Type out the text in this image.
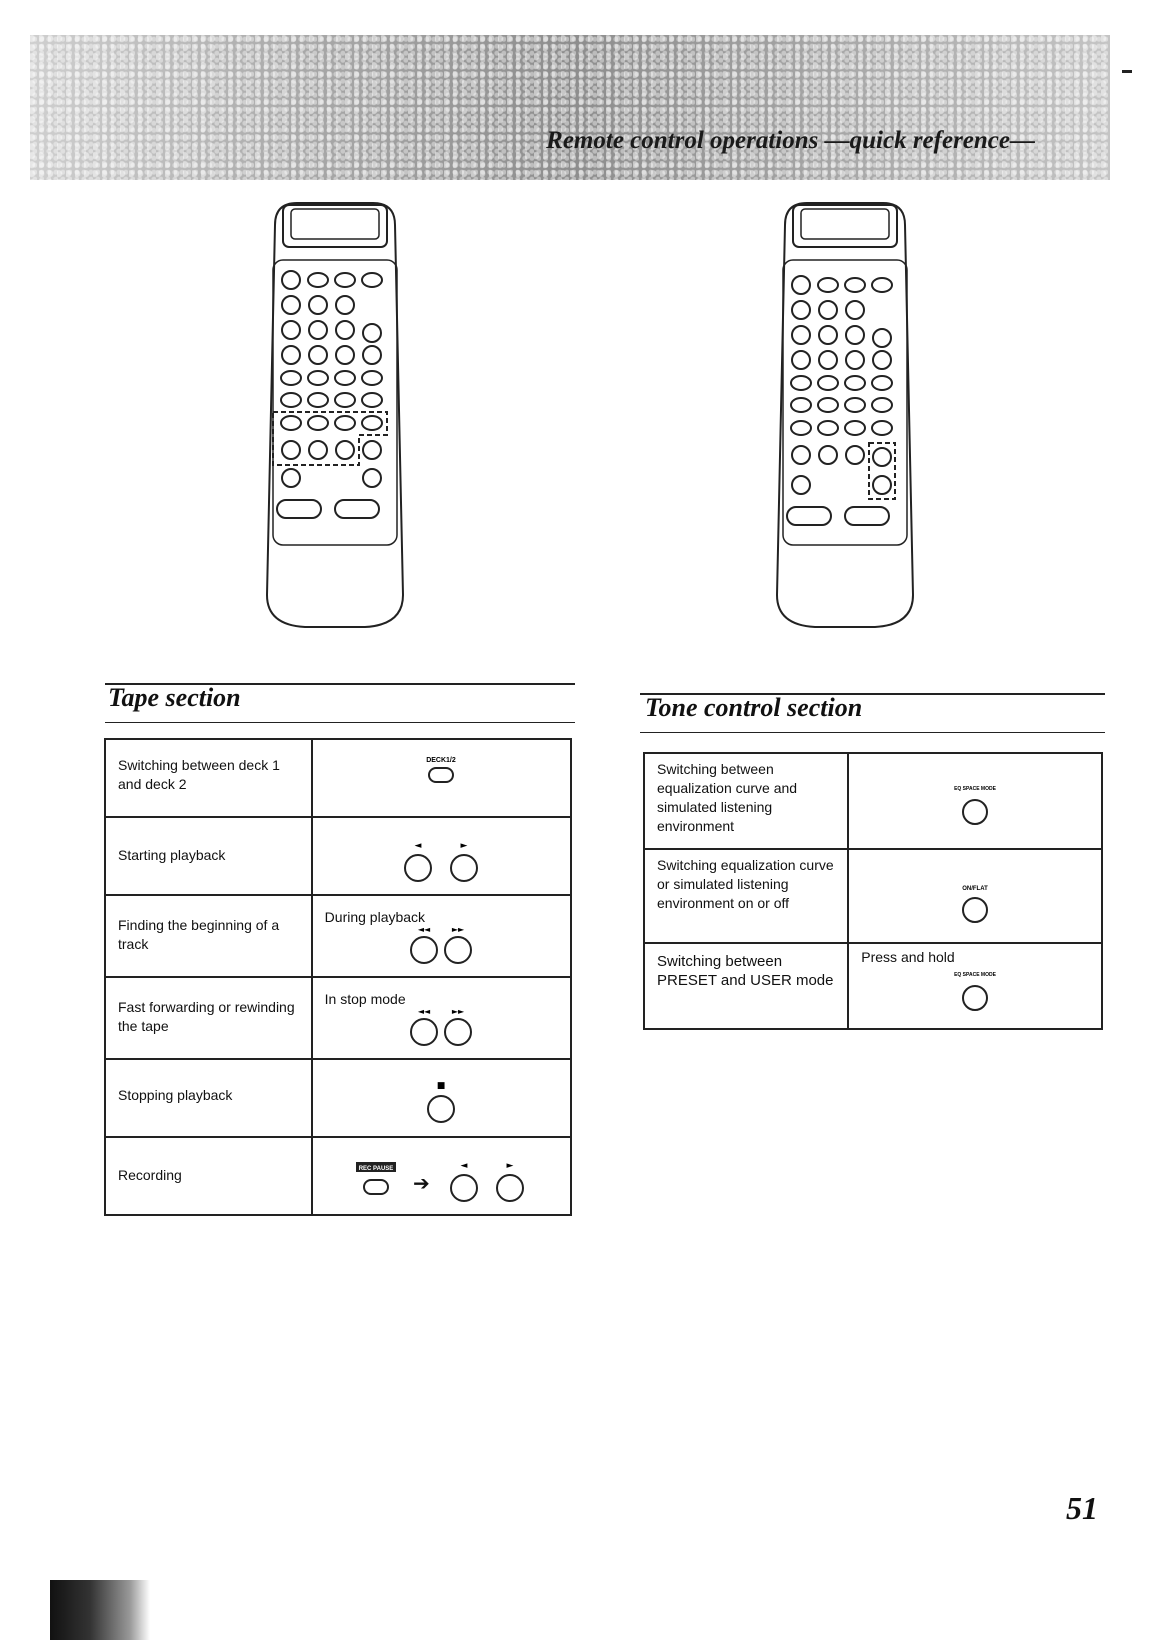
Remote control operations —quick reference—
Tape section
Switching between deck 1 and deck 2	DECK1/2

Starting playback	◄ ►

Finding the beginning of a track	During playback
◄◄ ►►

Fast forwarding or rewinding the tape	In stop mode
◄◄ ►►

Stopping playback	■

Recording	REC PAUSE
➔
◄ ►
Tone control section
Switching between equalization curve and simulated listening environment	EQ SPACE MODE

Switching equalization curve or simulated listening environment on or off	ON/FLAT

Switching between PRESET and USER mode	Press and hold
EQ SPACE MODE
51
